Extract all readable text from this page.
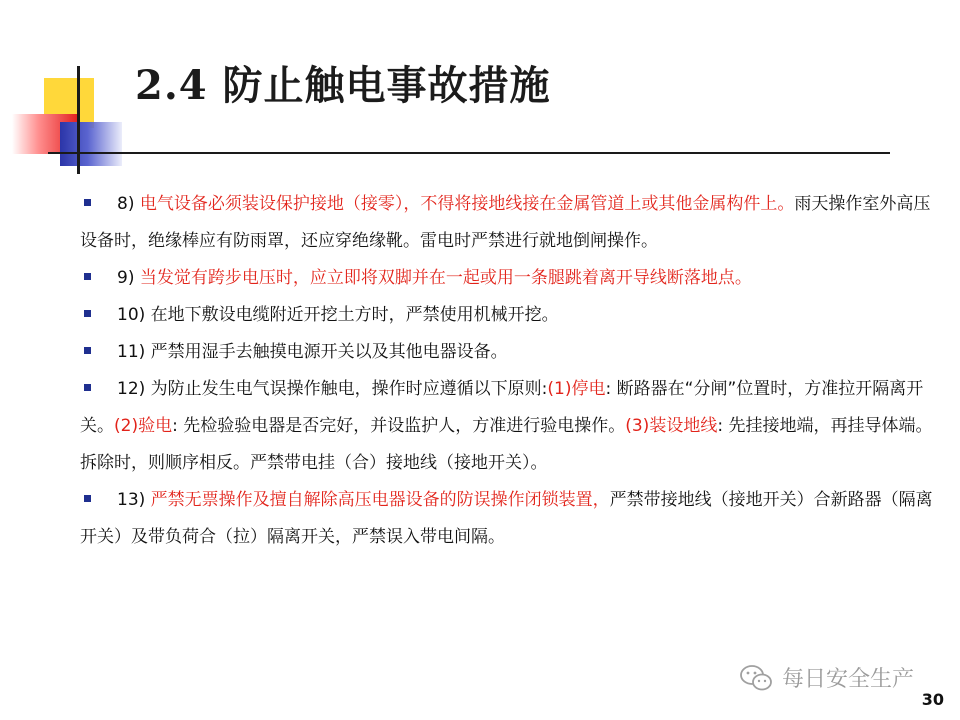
2.4 防止触电事故措施

8) 电气设备必须装设保护接地（接零），不得将接地线接在金属管道上或其他金属构件上。雨天操作室外高压设备时，绝缘棒应有防雨罩，还应穿绝缘靴。雷电时严禁进行就地倒闸操作。

9) 当发觉有跨步电压时，应立即将双脚并在一起或用一条腿跳着离开导线断落地点。

10) 在地下敷设电缆附近开挖土方时，严禁使用机械开挖。

11) 严禁用湿手去触摸电源开关以及其他电器设备。

12) 为防止发生电气误操作触电，操作时应遵循以下原则:(1)停电: 断路器在“分闸”位置时，方准拉开隔离开关。(2)验电: 先检验验电器是否完好，并设监护人，方准进行验电操作。(3)装设地线: 先挂接地端，再挂导体端。拆除时，则顺序相反。严禁带电挂（合）接地线（接地开关）。

13) 严禁无票操作及擅自解除高压电器设备的防误操作闭锁装置，严禁带接地线（接地开关）合新路器（隔离开关）及带负荷合（拉）隔离开关，严禁误入带电间隔。

每日安全生产
30
